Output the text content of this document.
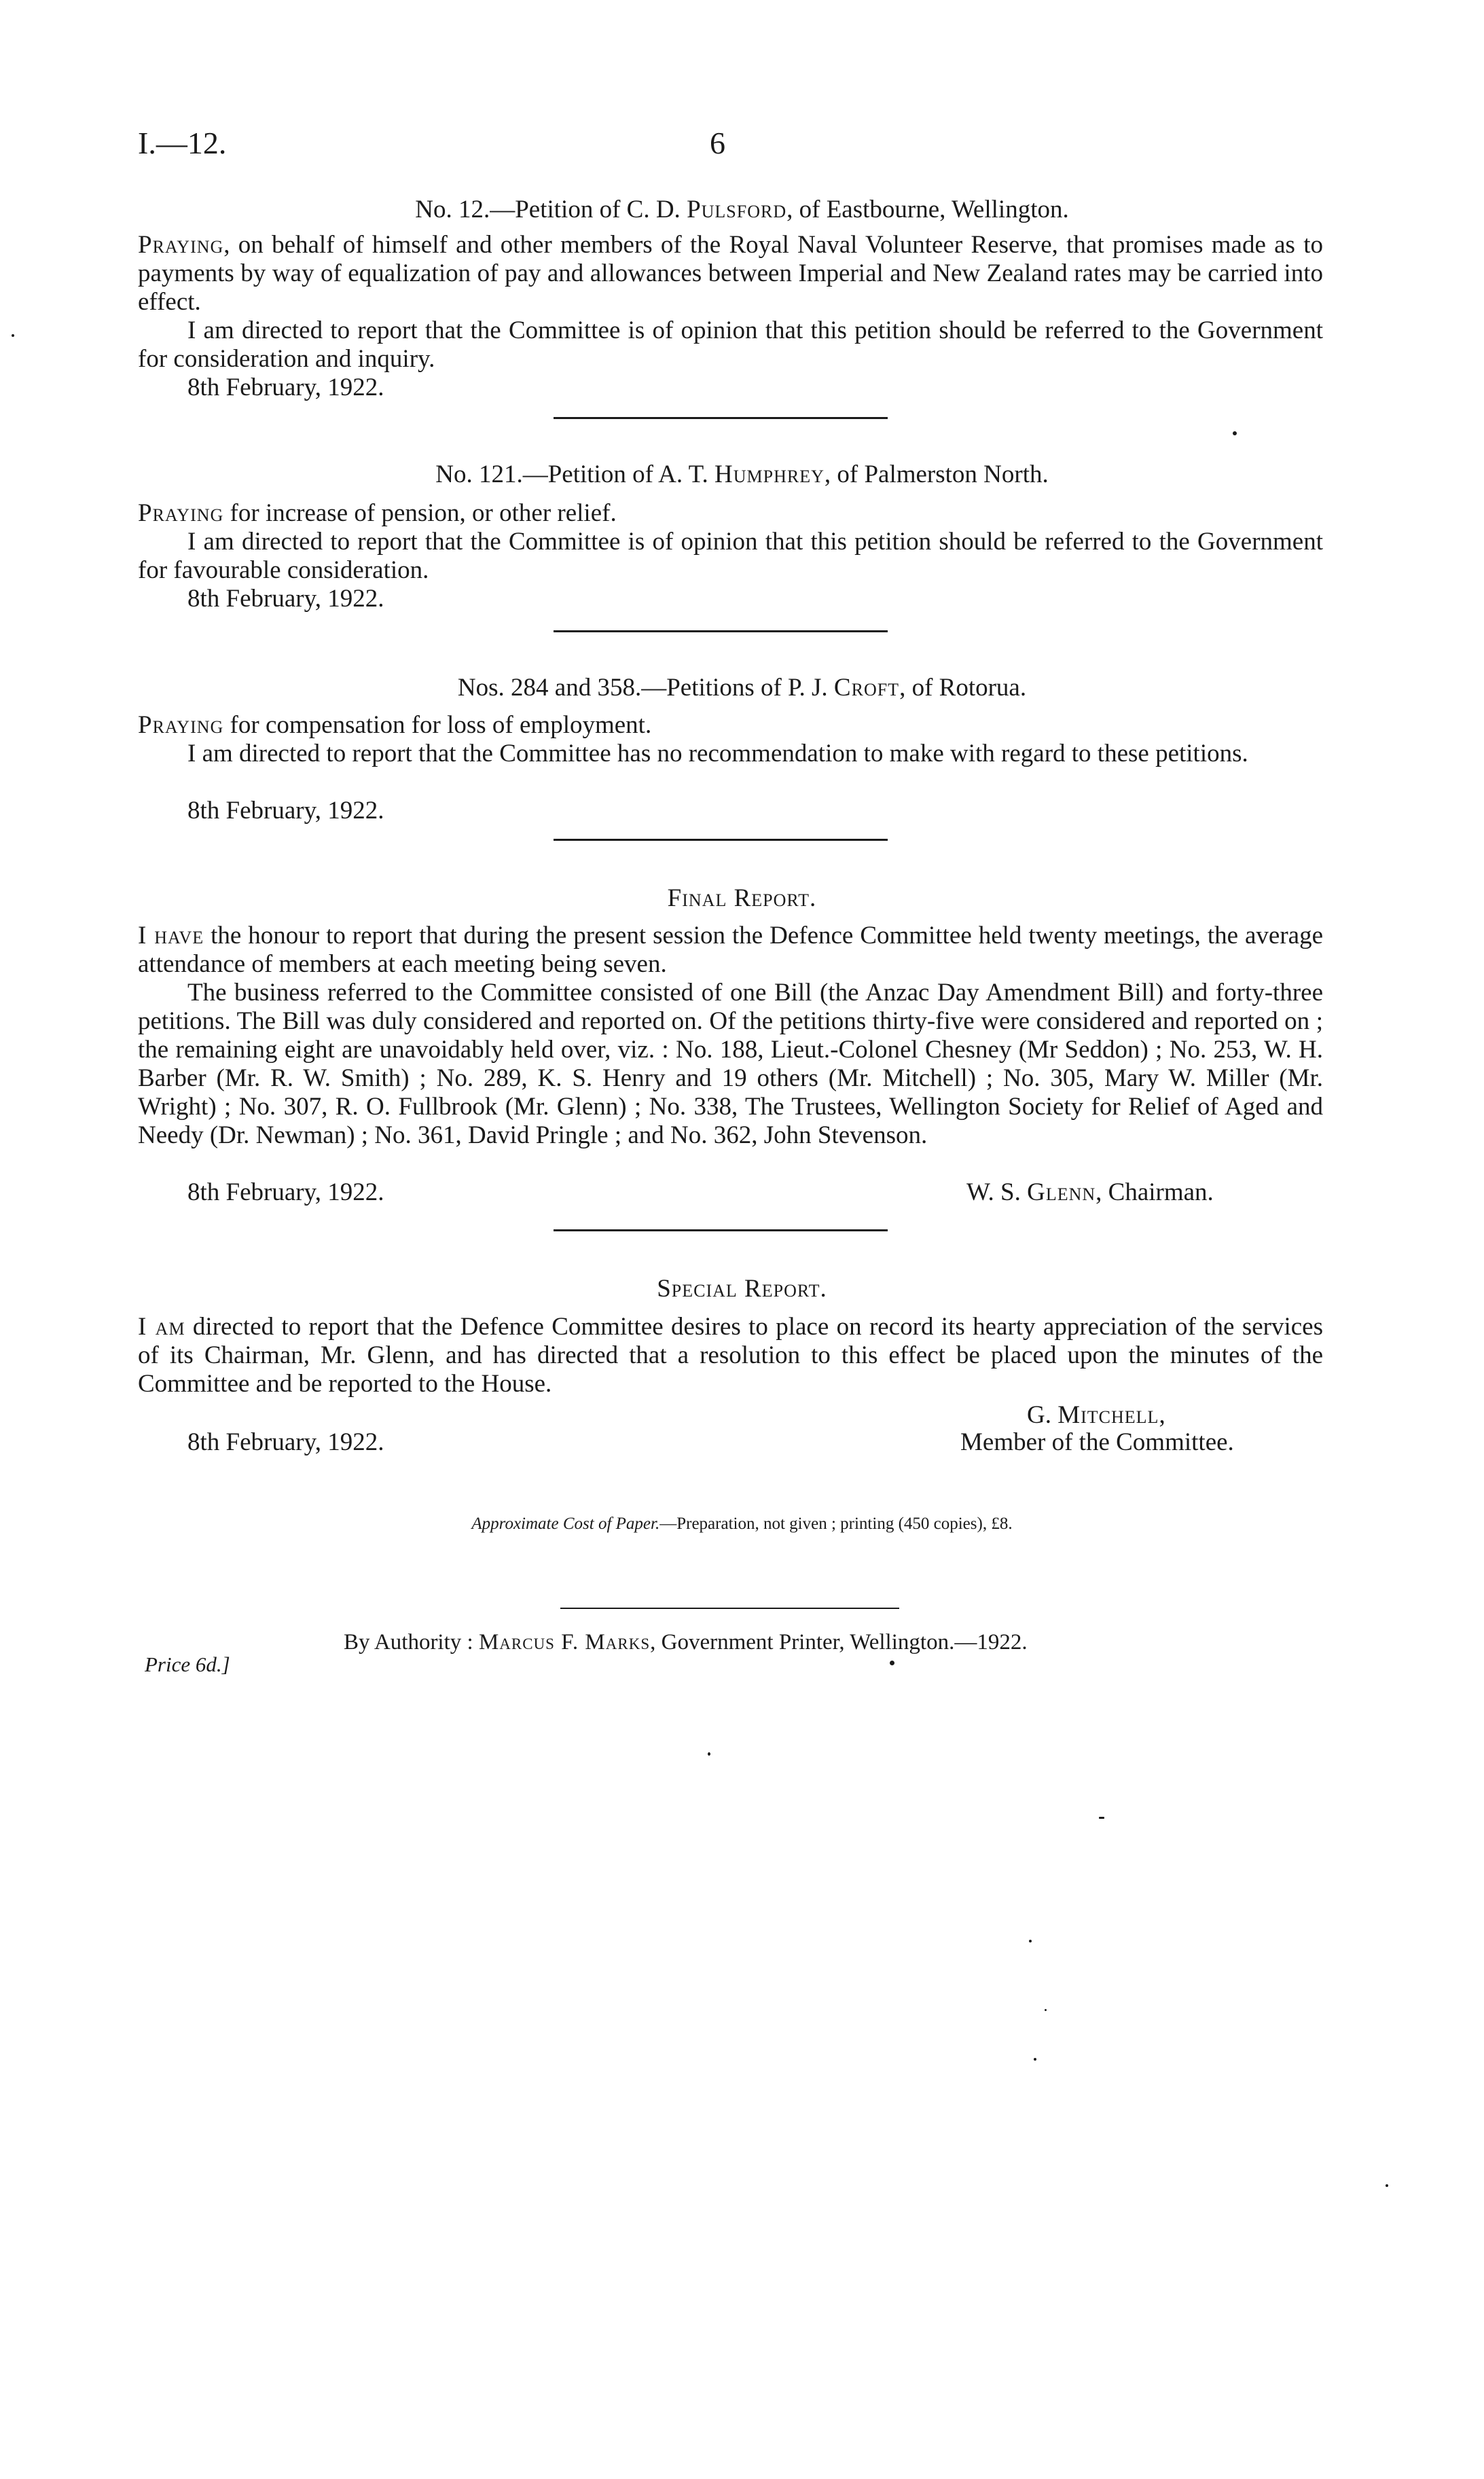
I.—12.	6
No. 12.—Petition of C. D. Pulsford, of Eastbourne, Wellington.
Praying, on behalf of himself and other members of the Royal Naval Volunteer Reserve, that promises made as to payments by way of equalization of pay and allowances between Imperial and New Zealand rates may be carried into effect.
I am directed to report that the Committee is of opinion that this petition should be referred to the Government for consideration and inquiry.
8th February, 1922.
No. 121.—Petition of A. T. Humphrey, of Palmerston North.
Praying for increase of pension, or other relief.
I am directed to report that the Committee is of opinion that this petition should be referred to the Government for favourable consideration.
8th February, 1922.
Nos. 284 and 358.—Petitions of P. J. Croft, of Rotorua.
Praying for compensation for loss of employment.
I am directed to report that the Committee has no recommendation to make with regard to these petitions.
8th February, 1922.
Final Report.
I have the honour to report that during the present session the Defence Committee held twenty meetings, the average attendance of members at each meeting being seven.
The business referred to the Committee consisted of one Bill (the Anzac Day Amendment Bill) and forty-three petitions. The Bill was duly considered and reported on. Of the petitions thirty-five were considered and reported on ; the remaining eight are unavoidably held over, viz. : No. 188, Lieut.-Colonel Chesney (Mr Seddon) ; No. 253, W. H. Barber (Mr. R. W. Smith) ; No. 289, K. S. Henry and 19 others (Mr. Mitchell) ; No. 305, Mary W. Miller (Mr. Wright) ; No. 307, R. O. Fullbrook (Mr. Glenn) ; No. 338, The Trustees, Wellington Society for Relief of Aged and Needy (Dr. Newman) ; No. 361, David Pringle ; and No. 362, John Stevenson.
8th February, 1922.	W. S. Glenn, Chairman.
Special Report.
I am directed to report that the Defence Committee desires to place on record its hearty appreciation of the services of its Chairman, Mr. Glenn, and has directed that a resolution to this effect be placed upon the minutes of the Committee and be reported to the House.
G. Mitchell,
Member of the Committee.
8th February, 1922.
Approximate Cost of Paper.—Preparation, not given ; printing (450 copies), £8.
By Authority : Marcus F. Marks, Government Printer, Wellington.—1922.
Price 6d.]
